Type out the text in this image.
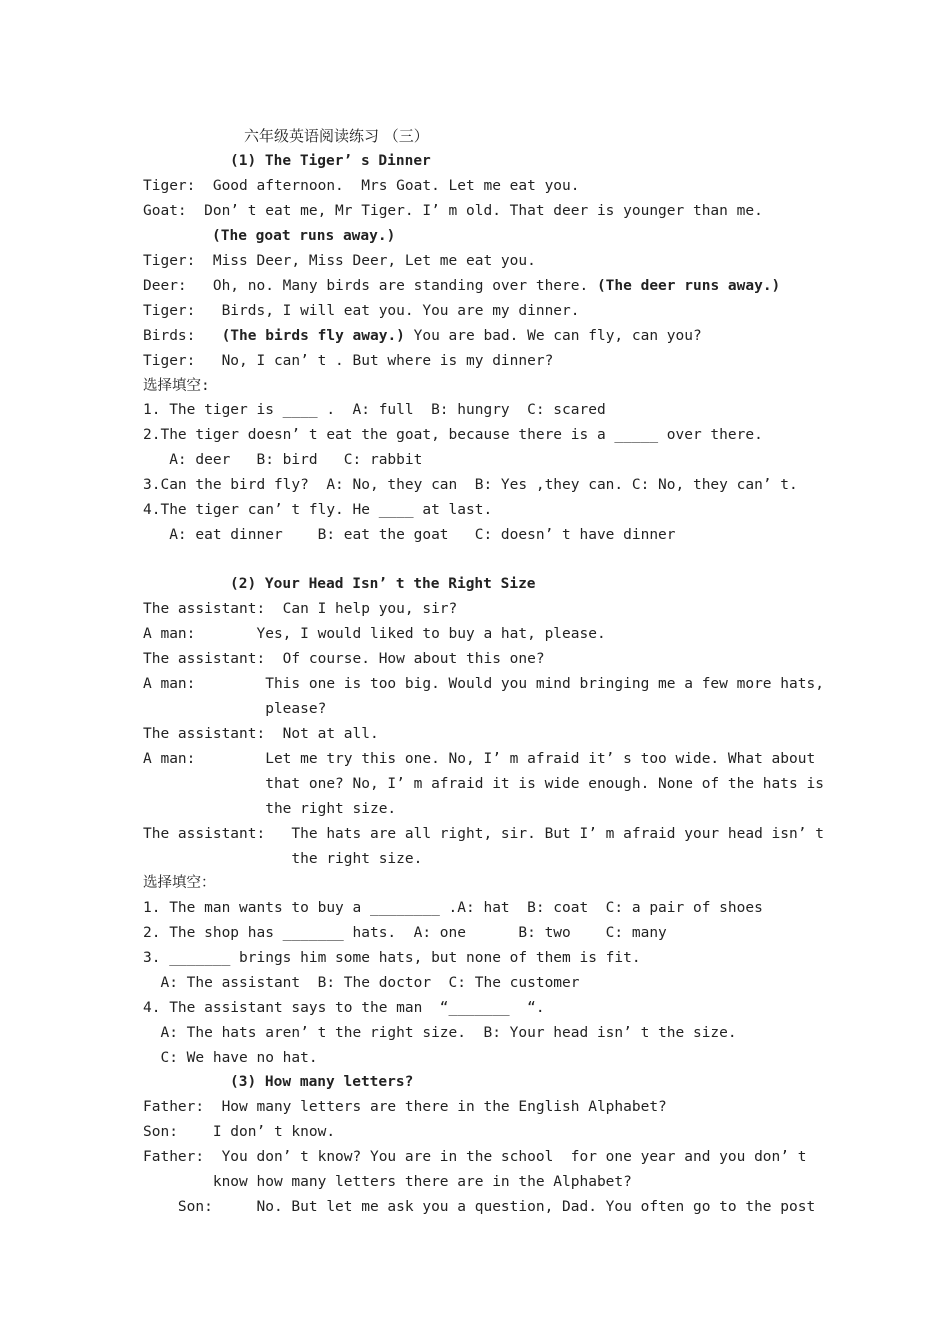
六年级英语阅读练习 （三）
(1) The Tiger’ s Dinner
Tiger:  Good afternoon.  Mrs Goat. Let me eat you.
Goat:  Don’ t eat me, Mr Tiger. I’ m old. That deer is younger than me.
(The goat runs away.)
Tiger:  Miss Deer, Miss Deer, Let me eat you.
Deer:   Oh, no. Many birds are standing over there. (The deer runs away.)
Tiger:   Birds, I will eat you. You are my dinner.
Birds:   (The birds fly away.) You are bad. We can fly, can you?
Tiger:   No, I can’ t . But where is my dinner?
选择填空:
1. The tiger is ____ .  A: full  B: hungry  C: scared
2.The tiger doesn’ t eat the goat, because there is a _____ over there.
A: deer   B: bird   C: rabbit
3.Can the bird fly?  A: No, they can  B: Yes ,they can. C: No, they can’ t.
4.The tiger can’ t fly. He ____ at last.
A: eat dinner    B: eat the goat   C: doesn’ t have dinner
(2) Your Head Isn’ t the Right Size
The assistant:  Can I help you, sir?
A man:       Yes, I would liked to buy a hat, please.
The assistant:  Of course. How about this one?
A man:        This one is too big. Would you mind bringing me a few more hats,
please?
The assistant:  Not at all.
A man:        Let me try this one. No, I’ m afraid it’ s too wide. What about
that one? No, I’ m afraid it is wide enough. None of the hats is
the right size.
The assistant:   The hats are all right, sir. But I’ m afraid your head isn’ t
the right size.
选择填空：
1. The man wants to buy a ________ .A: hat  B: coat  C: a pair of shoes
2. The shop has _______ hats.  A: one      B: two    C: many
3. _______ brings him some hats, but none of them is fit.
A: The assistant  B: The doctor  C: The customer
4. The assistant says to the man  “_______  “.
A: The hats aren’ t the right size.  B: Your head isn’ t the size.
C: We have no hat.
(3) How many letters?
Father:  How many letters are there in the English Alphabet?
Son:    I don’ t know.
Father:  You don’ t know? You are in the school  for one year and you don’ t
know how many letters there are in the Alphabet?
Son:     No. But let me ask you a question, Dad. You often go to the post
